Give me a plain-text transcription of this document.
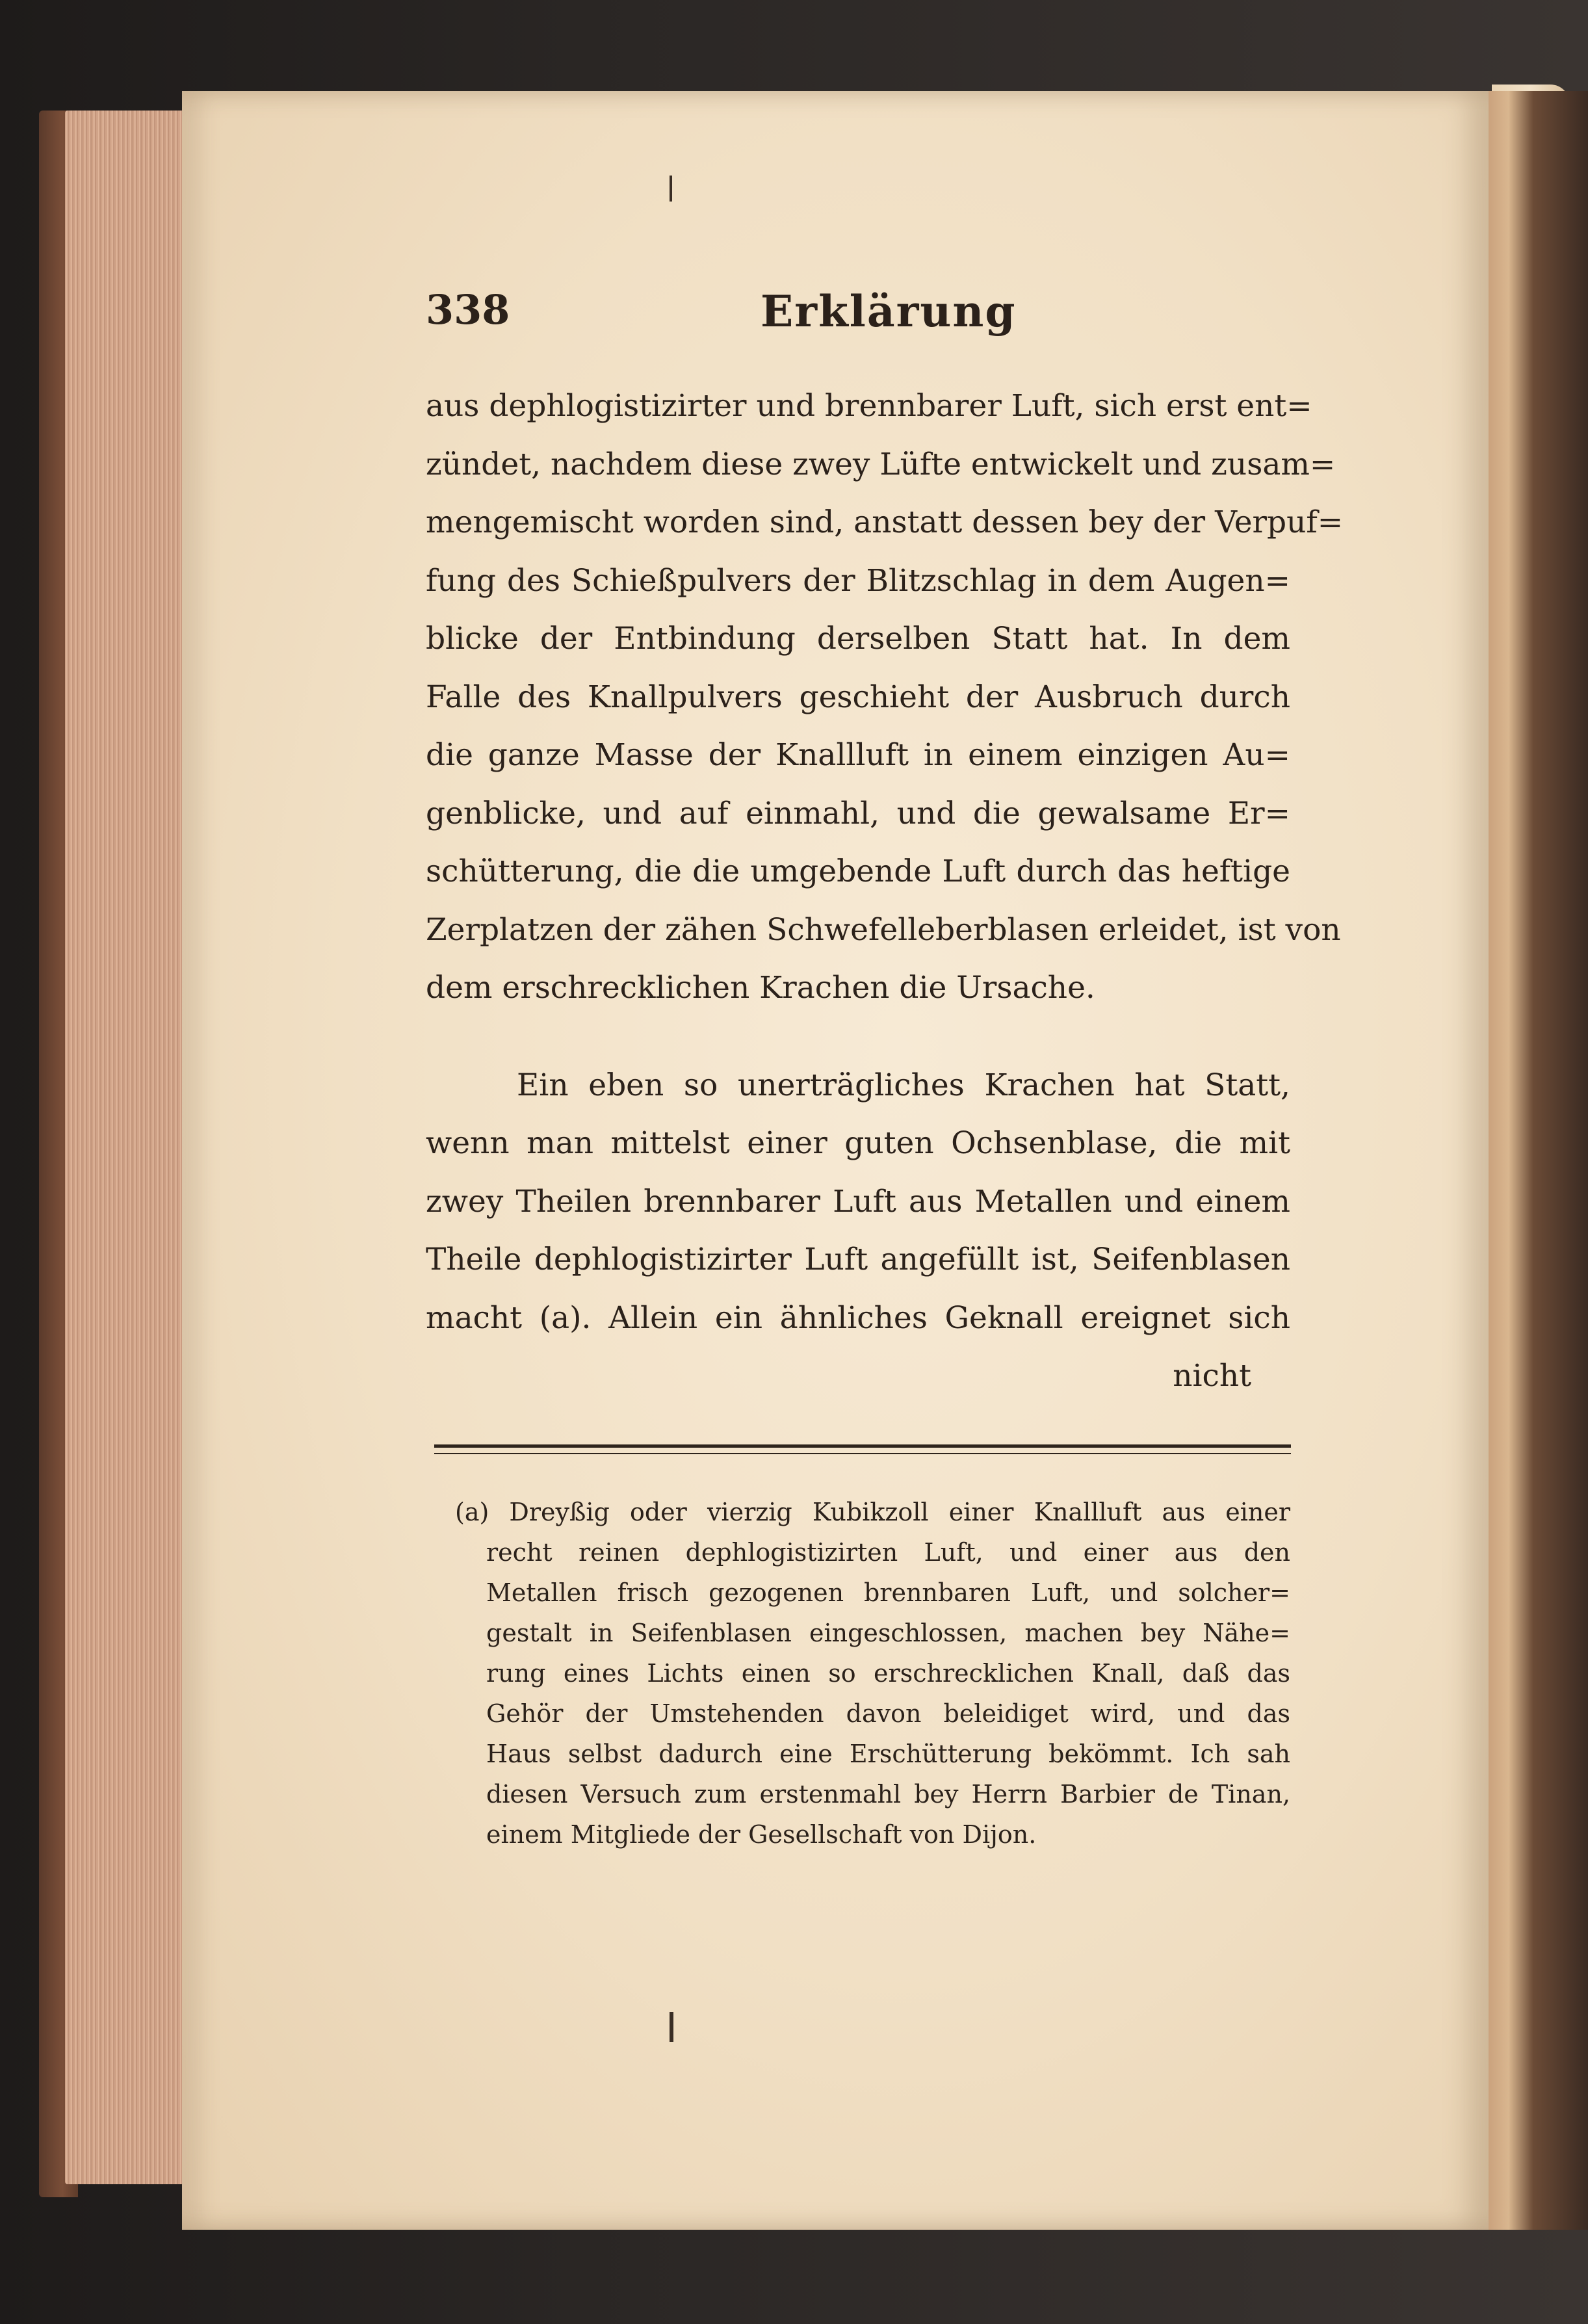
338	Erklärung
aus dephlogistizirter und brennbarer Luft, sich erst ent=
zündet, nachdem diese zwey Lüfte entwickelt und zusam=
mengemischt worden sind, anstatt dessen bey der Verpuf=
fung des Schießpulvers der Blitzschlag in dem Augen=
blicke der Entbindung derselben Statt hat. In dem
Falle des Knallpulvers geschieht der Ausbruch durch
die ganze Masse der Knallluft in einem einzigen Au=
genblicke, und auf einmahl, und die gewalsame Er=
schütterung, die die umgebende Luft durch das heftige
Zerplatzen der zähen Schwefelleberblasen erleidet, ist von
dem erschrecklichen Krachen die Ursache.
Ein eben so unerträgliches Krachen hat Statt,
wenn man mittelst einer guten Ochsenblase, die mit
zwey Theilen brennbarer Luft aus Metallen und einem
Theile dephlogistizirter Luft angefüllt ist, Seifenblasen
macht (a). Allein ein ähnliches Geknall ereignet sich
nicht
(a) Dreyßig oder vierzig Kubikzoll einer Knallluft aus einer
recht reinen dephlogistizirten Luft, und einer aus den
Metallen frisch gezogenen brennbaren Luft, und solcher=
gestalt in Seifenblasen eingeschlossen, machen bey Nähe=
rung eines Lichts einen so erschrecklichen Knall, daß das
Gehör der Umstehenden davon beleidiget wird, und das
Haus selbst dadurch eine Erschütterung bekömmt. Ich sah
diesen Versuch zum erstenmahl bey Herrn Barbier de Tinan,
einem Mitgliede der Gesellschaft von Dijon.
